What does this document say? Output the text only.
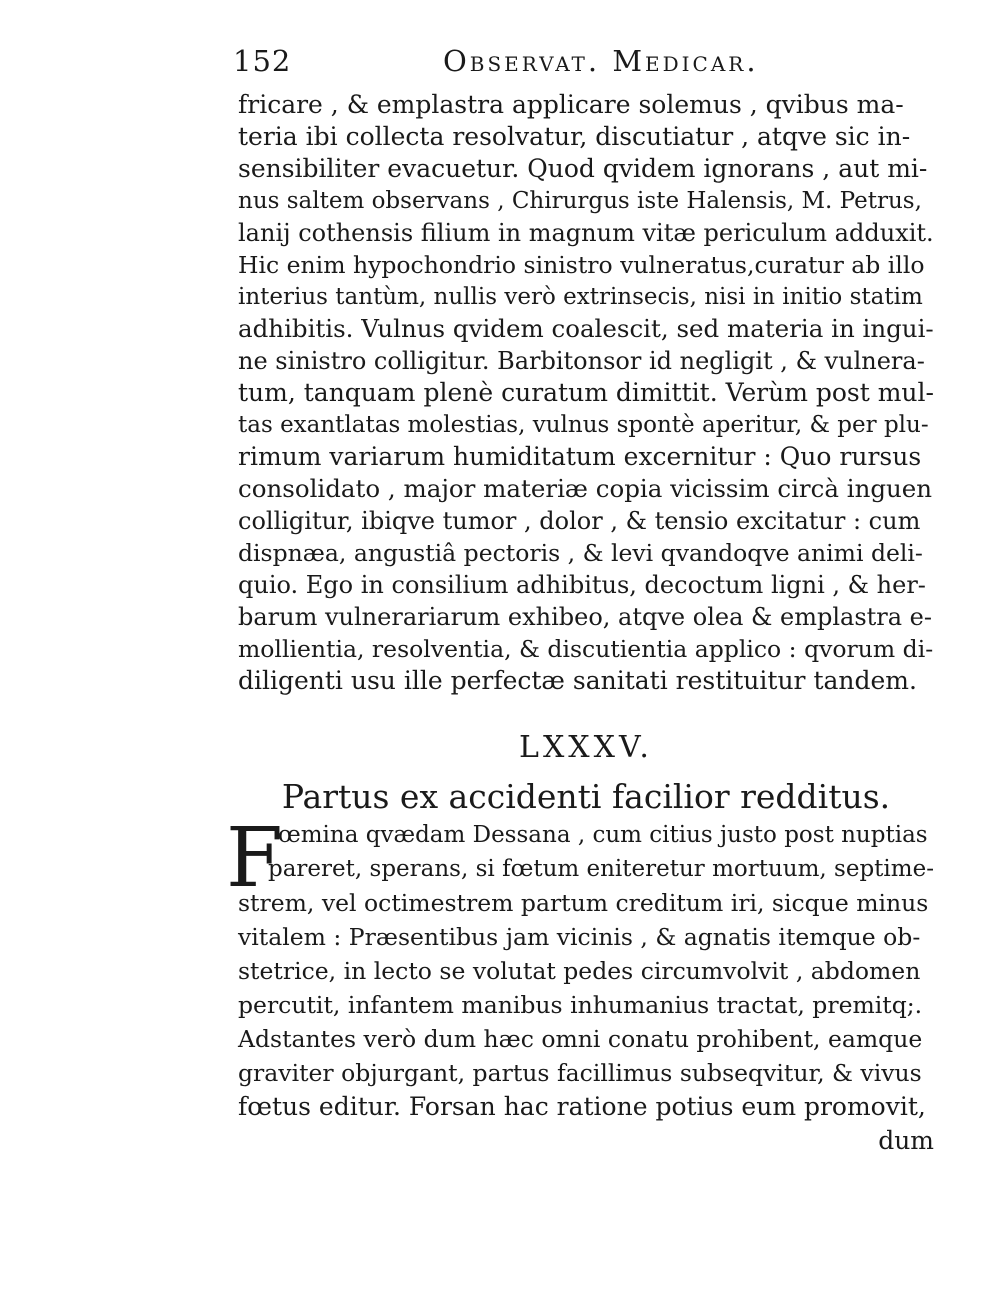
152	Observat. Medicar.
fricare , & emplastra applicare solemus , qvibus ma-
teria ibi collecta resolvatur, discutiatur , atqve sic in-
sensibiliter evacuetur. Quod qvidem ignorans , aut mi-
nus saltem observans , Chirurgus iste Halensis, M. Petrus,
lanij cothensis filium in magnum vitæ periculum adduxit.
Hic enim hypochondrio sinistro vulneratus,curatur ab illo
interius tantùm, nullis verò extrinsecis, nisi in initio statim
adhibitis. Vulnus qvidem coalescit, sed materia in ingui-
ne sinistro colligitur. Barbitonsor id negligit , & vulnera-
tum, tanquam plenè curatum dimittit. Verùm post mul-
tas exantlatas molestias, vulnus spontè aperitur, & per plu-
rimum variarum humiditatum excernitur : Quo rursus
consolidato , major materiæ copia vicissim circà inguen
colligitur, ibiqve tumor , dolor , & tensio excitatur : cum
dispnæa, angustiâ pectoris , & levi qvandoqve animi deli-
quio. Ego in consilium adhibitus, decoctum ligni , & her-
barum vulnerariarum exhibeo, atqve olea & emplastra e-
mollientia, resolventia, & discutientia applico : qvorum di-
diligenti usu ille perfectæ sanitati restituitur tandem.
LXXXV.
Partus ex accidenti facilior redditus.
F
œmina qvædam Dessana , cum citius justo post nuptias
pareret, sperans, si fœtum eniteretur mortuum, septime-
strem, vel octimestrem partum creditum iri, sicque minus
vitalem : Præsentibus jam vicinis , & agnatis itemque ob-
stetrice, in lecto se volutat pedes circumvolvit , abdomen
percutit, infantem manibus inhumanius tractat, premitq;.
Adstantes verò dum hæc omni conatu prohibent, eamque
graviter objurgant, partus facillimus subseqvitur, & vivus
fœtus editur. Forsan hac ratione potius eum promovit,
dum
